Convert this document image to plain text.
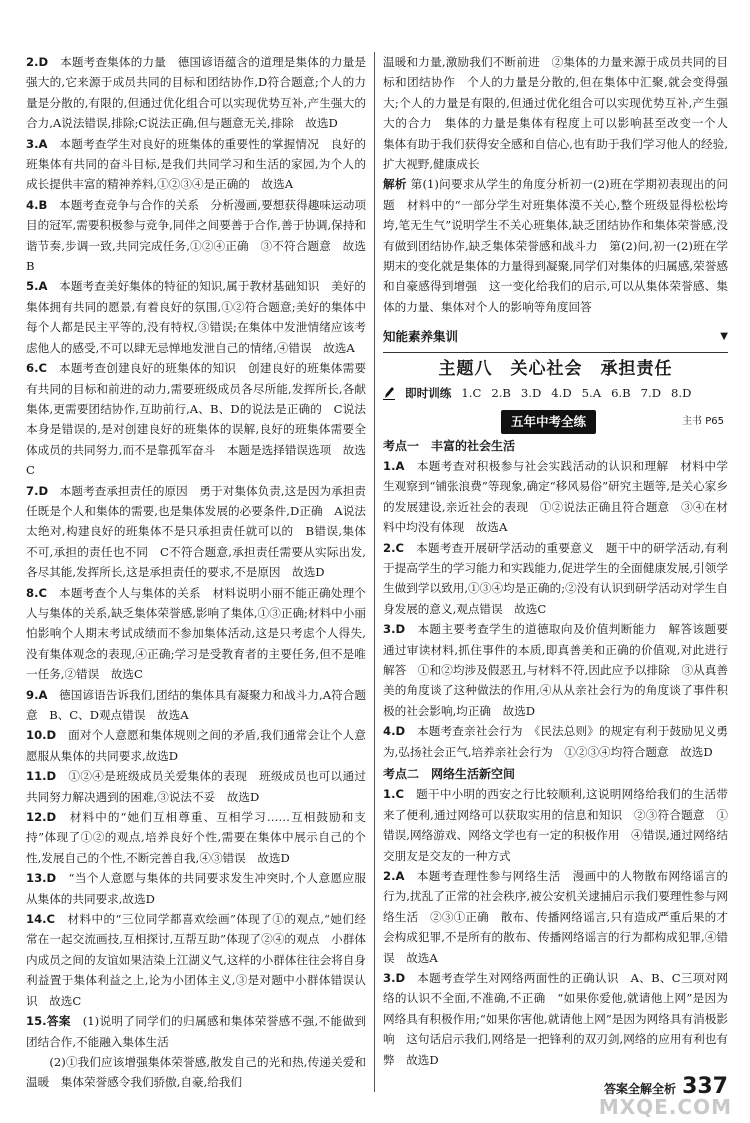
2.D　 本题考查集体的力量　德国谚语蕴含的道理是集体的力量是强大的,它来源于成员共同的目标和团结协作,D符合题意;个人的力量是分散的,有限的,但通过优化组合可以实现优势互补,产生强大的合力,A说法错误,排除;C说法正确,但与题意无关,排除　故选D

3.A　 本题考查学生对良好的班集体的重要性的掌握情况　良好的班集体有共同的奋斗目标,是我们共同学习和生活的家园,为个人的成长提供丰富的精神养料,①②③④是正确的　故选A

4.B　 本题考查竞争与合作的关系　分析漫画,要想获得趣味运动项目的冠军,需要积极参与竞争,同伴之间要善于合作,善于协调,保持和谐节奏,步调一致,共同完成任务,①②④正确　③不符合题意　故选B

5.A　 本题考查美好集体的特征的知识,属于教材基础知识　美好的集体拥有共同的愿景,有着良好的氛围,①②符合题意;美好的集体中每个人都是民主平等的,没有特权,③错误;在集体中发泄情绪应该考虑他人的感受,不可以肆无忌惮地发泄自己的情绪,④错误　故选A

6.C　 本题考查创建良好的班集体的知识　创建良好的班集体需要有共同的目标和前进的动力,需要班级成员各尽所能,发挥所长,各献集体,更需要团结协作,互助前行,A、B、D的说法是正确的　C说法本身是错误的,是对创建良好的班集体的误解,良好的班集体需要全体成员的共同努力,而不是靠孤军奋斗　本题是选择错误选项　故选C

7.D　 本题考查承担责任的原因　勇于对集体负责,这是因为承担责任既是个人和集体的需要,也是集体发展的必要条件,D正确　A说法太绝对,构建良好的班集体不是只承担责任就可以的　B错误,集体不可,承担的责任也不同　C不符合题意,承担责任需要从实际出发,各尽其能,发挥所长,这是承担责任的要求,不是原因　故选D

8.C　 本题考查个人与集体的关系　材料说明小丽不能正确处理个人与集体的关系,缺乏集体荣誉感,影响了集体,①③正确;材料中小丽怕影响个人期末考试成绩而不参加集体活动,这是只考虑个人得失,没有集体观念的表现,④正确;学习是受教育者的主要任务,但不是唯一任务,②错误　故选C

9.A　 德国谚语告诉我们,团结的集体具有凝聚力和战斗力,A符合题意　B、C、D观点错误　故选A

10.D　 面对个人意愿和集体规则之间的矛盾,我们通常会让个人意愿服从集体的共同要求,故选D

11.D　 ①②④是班级成员关爱集体的表现　班级成员也可以通过共同努力解决遇到的困难,③说法不妥　故选D

12.D　 材料中的“她们互相尊重、互相学习……互相鼓励和支持”体现了①②的观点,培养良好个性,需要在集体中展示自己的个性,发展自己的个性,不断完善自我,④③错误　故选D

13.D　 “当个人意愿与集体的共同要求发生冲突时,个人意愿应服从集体的共同要求,故选D

14.C　 材料中的“三位同学都喜欢绘画”体现了①的观点,“她们经常在一起交流画技,互相探讨,互帮互助”体现了②④的观点　小群体内成员之间的友谊如果洁染上江湖义气,这样的小群体往往会将自身利益置于集体利益之上,论为小团体主义,③是对题中小群体错误认识　故选C

15.答案　 (1)说明了同学们的归属感和集体荣誉感不强,不能做到团结合作,不能融入集体生活

　　(2)①我们应该增强集体荣誉感,散发自己的光和热,传递关爱和温暖　集体荣誉感令我们骄傲,自豪,给我们

温暖和力量,激励我们不断前进　②集体的力量来源于成员共同的目标和团结协作　个人的力量是分散的,但在集体中汇聚,就会变得强大;个人的力量是有限的,但通过优化组合可以实现优势互补,产生强大的合力　集体的力量是集体有程度上可以影响甚至改变一个人　集体有助于我们获得安全感和自信心,也有助于我们学习他人的经验,扩大视野,健康成长

解析 第(1)问要求从学生的角度分析初一(2)班在学期初表现出的问题　材料中的“一部分学生对班集体漠不关心,整个班级显得松松垮垮,笔无生气”说明学生不关心班集体,缺乏团结协作和集体荣誉感,没有做到团结协作,缺乏集体荣誉感和战斗力　第(2)问,初一(2)班在学期末的变化就是集体的力量得到凝聚,同学们对集体的归属感,荣誉感和自豪感得到增强　这一变化给我们的启示,可以从集体荣誉感、集体的力量、集体对个人的影响等角度回答

知能素养集训	▼
主题八　关心社会　承担责任
即时训练 1.C 2.B 3.D 4.D 5.A 6.B 7.D 8.D
五年中考全练	主书 P65
考点一　丰富的社会生活

1.A　 本题考查对积极参与社会实践活动的认识和理解　材料中学生观察到“铺张浪费”等现象,确定“移风易俗”研究主题等,是关心家乡的发展建设,亲近社会的表现　①②说法正确且符合题意　③④在材料中均没有体现　故选A

2.C　 本题考查开展研学活动的重要意义　题干中的研学活动,有利于提高学生的学习能力和实践能力,促进学生的全面健康发展,引领学生做到学以致用,①③④均是正确的;②没有认识到研学活动对学生自身发展的意义,观点错误　故选C

3.D　 本题主要考查学生的道德取向及价值判断能力　解答该题要通过审读材料,抓住事件的本质,即真善美和正确的价值观,对此进行解答　①和②均涉及假恶丑,与材料不符,因此应予以排除　③从真善美的角度谈了这种做法的作用,④从从亲社会行为的角度谈了事件积极的社会影响,均正确　故选D

4.D　 本题考查亲社会行为　《民法总则》的规定有利于鼓励见义勇为,弘扬社会正气,培养亲社会行为　①②③④均符合题意　故选D

考点二　网络生活新空间

1.C　 题干中小明的西安之行比较顺利,这说明网络给我们的生活带来了便利,通过网络可以获取实用的信息和知识　②③符合题意　①错误,网络游戏、网络文学也有一定的积极作用　④错误,通过网络结交朋友是交友的一种方式

2.A　 本题考查理性参与网络生活　漫画中的人物散布网络谣言的行为,扰乱了正常的社会秩序,被公安机关逮捕启示我们要理性参与网络生活　②③①正确　散布、传播网络谣言,只有造成严重后果的才会构成犯罪,不是所有的散布、传播网络谣言的行为都构成犯罪,④错误　故选A

3.D　 本题考查学生对网络两面性的正确认识　A、B、C三项对网络的认识不全面,不准确,不正确　“如果你爱他,就请他上网”是因为网络具有积极作用;“如果你害他,就请他上网”是因为网络具有消极影响　这句话启示我们,网络是一把锋利的双刃剑,网络的应用有利也有弊　故选D

答案全解全析 337
MXQE.COM
